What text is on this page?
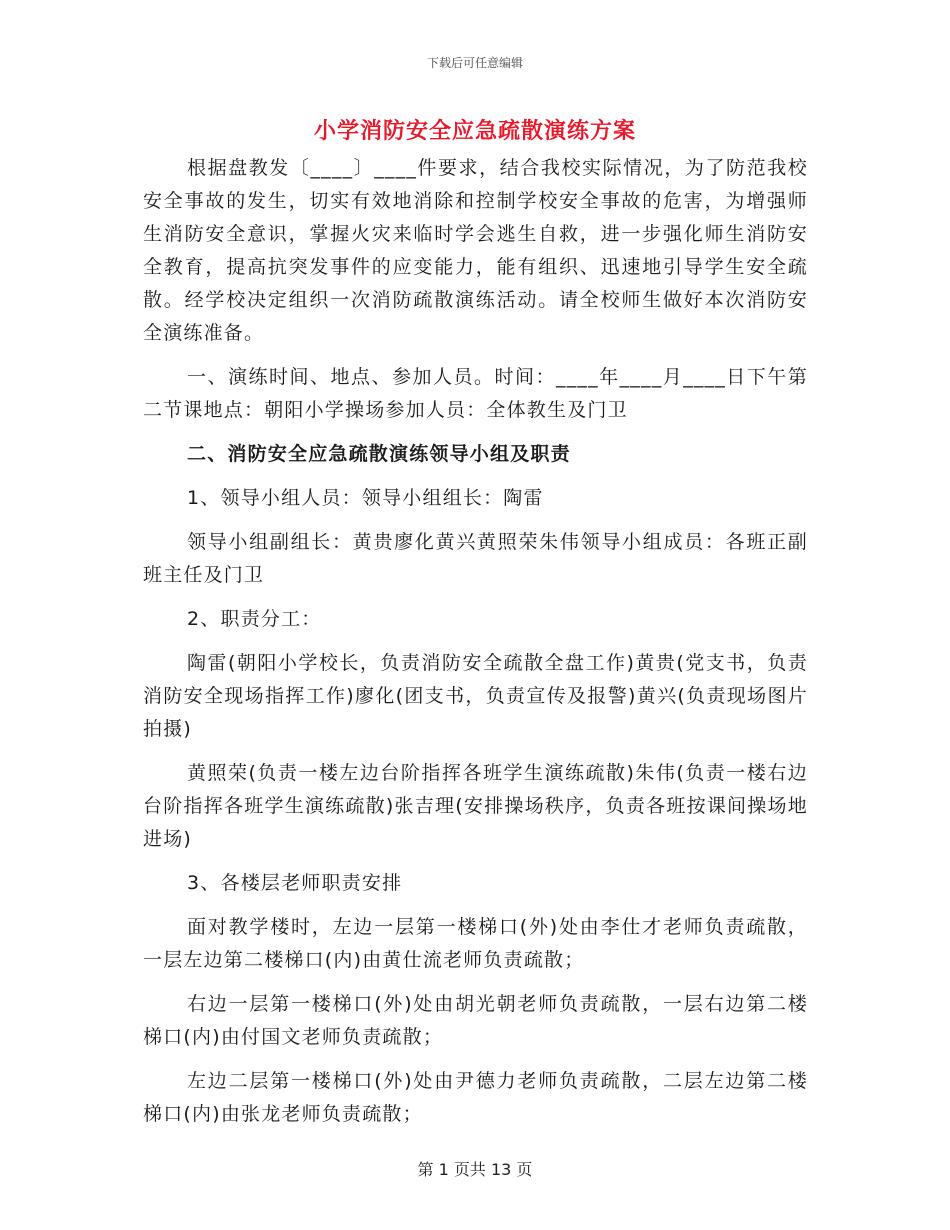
下载后可任意编辑
小学消防安全应急疏散演练方案

根据盘教发〔____〕____件要求，结合我校实际情况，为了防范我校安全事故的发生，切实有效地消除和控制学校安全事故的危害，为增强师生消防安全意识，掌握火灾来临时学会逃生自救，进一步强化师生消防安全教育，提高抗突发事件的应变能力，能有组织、迅速地引导学生安全疏散。经学校决定组织一次消防疏散演练活动。请全校师生做好本次消防安全演练准备。

一、演练时间、地点、参加人员。时间：____年____月____日下午第二节课地点：朝阳小学操场参加人员：全体教生及门卫

二、消防安全应急疏散演练领导小组及职责

1、领导小组人员：领导小组组长：陶雷

领导小组副组长：黄贵廖化黄兴黄照荣朱伟领导小组成员：各班正副班主任及门卫

2、职责分工：

陶雷(朝阳小学校长，负责消防安全疏散全盘工作)黄贵(党支书，负责消防安全现场指挥工作)廖化(团支书，负责宣传及报警)黄兴(负责现场图片拍摄)

黄照荣(负责一楼左边台阶指挥各班学生演练疏散)朱伟(负责一楼右边台阶指挥各班学生演练疏散)张吉理(安排操场秩序，负责各班按课间操场地进场)

3、各楼层老师职责安排

面对教学楼时，左边一层第一楼梯口(外)处由李仕才老师负责疏散，一层左边第二楼梯口(内)由黄仕流老师负责疏散；

右边一层第一楼梯口(外)处由胡光朝老师负责疏散，一层右边第二楼梯口(内)由付国文老师负责疏散；

左边二层第一楼梯口(外)处由尹德力老师负责疏散，二层左边第二楼梯口(内)由张龙老师负责疏散；

第 1 页共 13 页
